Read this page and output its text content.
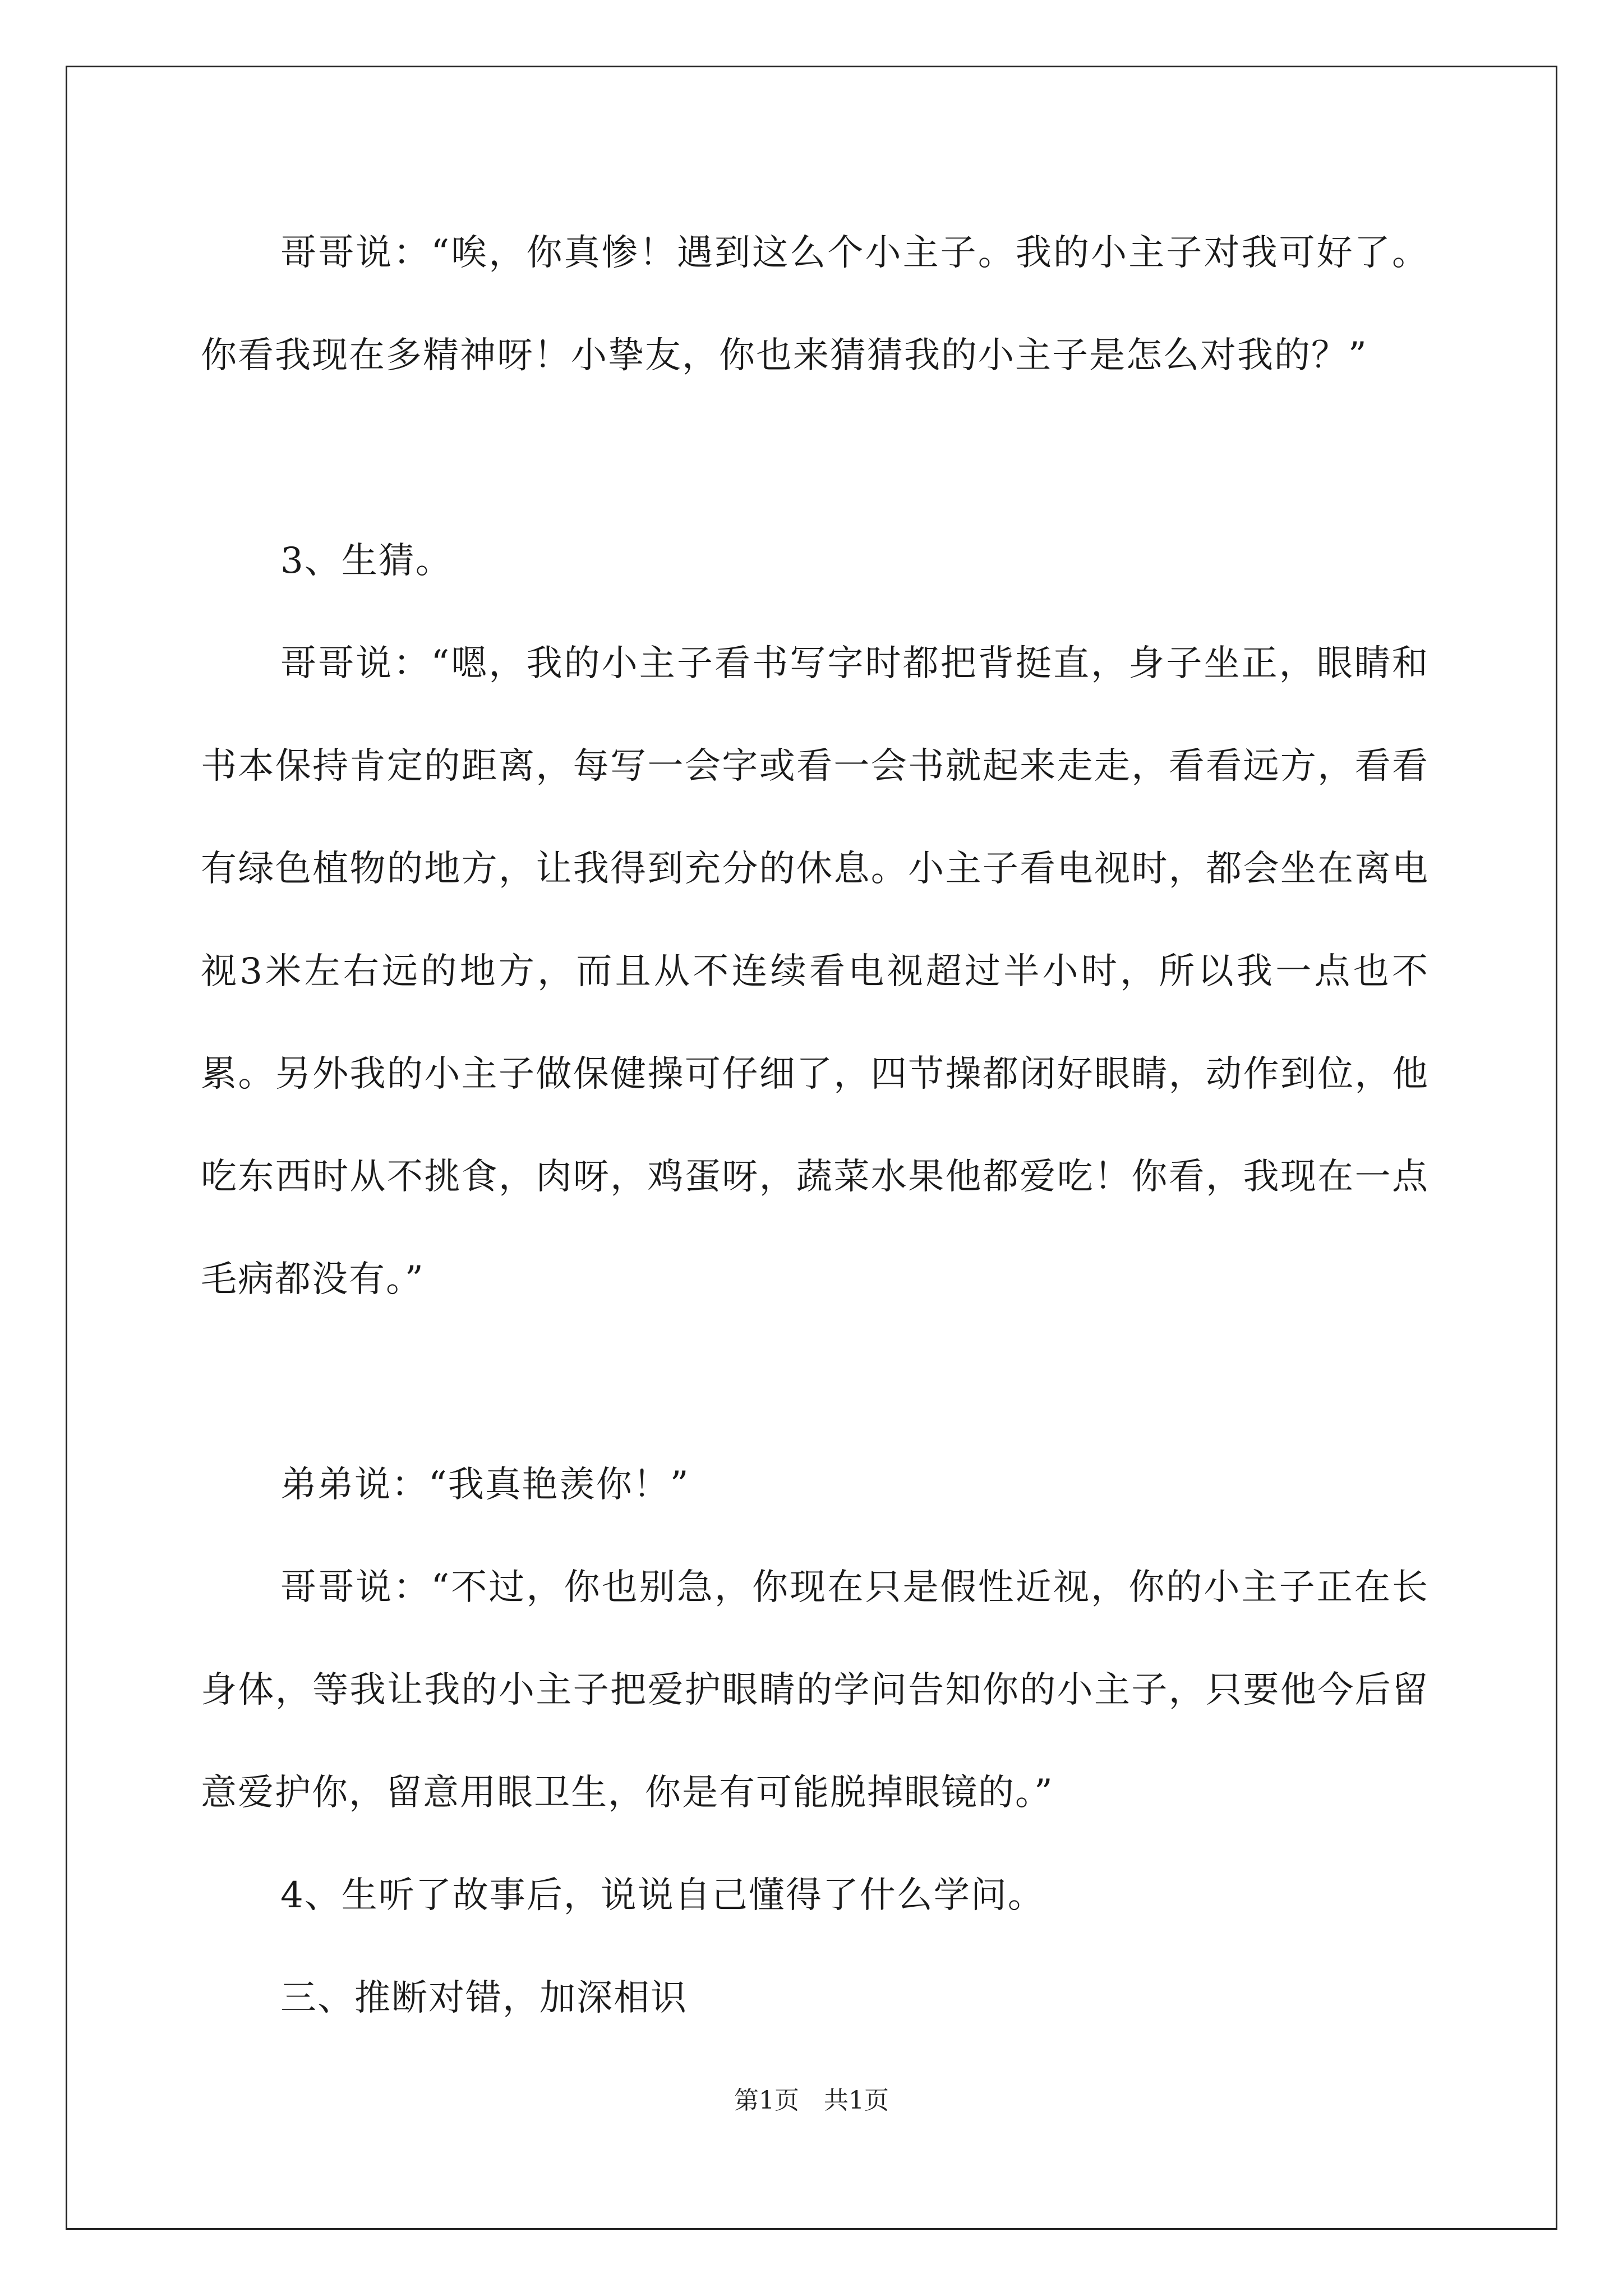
哥哥说：“唉，你真惨！遇到这么个小主子。我的小主子对我可好了。你看我现在多精神呀！小挚友，你也来猜猜我的小主子是怎么对我的？”

3、生猜。

哥哥说：“嗯，我的小主子看书写字时都把背挺直，身子坐正，眼睛和书本保持肯定的距离，每写一会字或看一会书就起来走走，看看远方，看看有绿色植物的地方，让我得到充分的休息。小主子看电视时，都会坐在离电视3米左右远的地方，而且从不连续看电视超过半小时，所以我一点也不累。另外我的小主子做保健操可仔细了，四节操都闭好眼睛，动作到位，他吃东西时从不挑食，肉呀，鸡蛋呀，蔬菜水果他都爱吃！你看，我现在一点毛病都没有。”

弟弟说：“我真艳羡你！”

哥哥说：“不过，你也别急，你现在只是假性近视，你的小主子正在长身体，等我让我的小主子把爱护眼睛的学问告知你的小主子，只要他今后留意爱护你，留意用眼卫生，你是有可能脱掉眼镜的。”

4、生听了故事后，说说自己懂得了什么学问。

三、推断对错，加深相识

第1页 共1页
